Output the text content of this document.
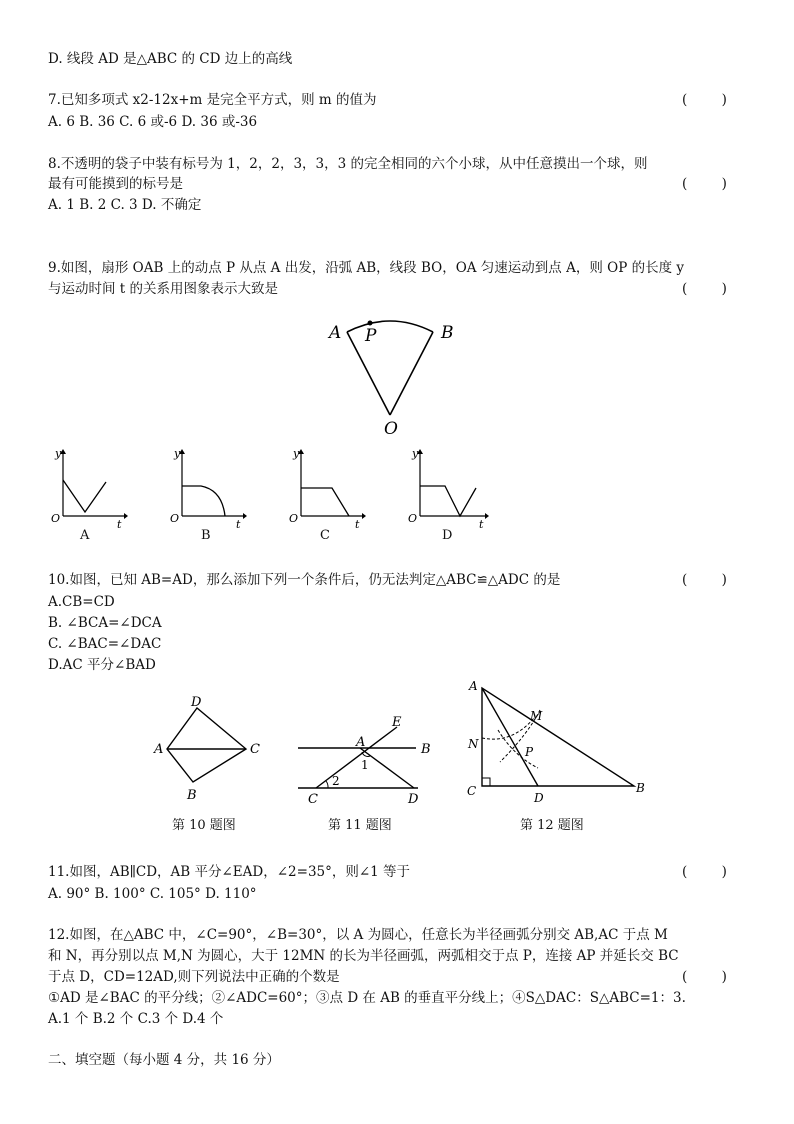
D. 线段 AD 是△ABC 的 CD 边上的高线
7.已知多项式 x2-12x+m 是完全平方式，则 m 的值为	(        )
A. 6 B. 36 C. 6 或-6 D. 36 或-36
8.不透明的袋子中装有标号为 1，2，2，3，3，3 的完全相同的六个小球，从中任意摸出一个球，则
最有可能摸到的标号是	(        )
A. 1 B. 2 C. 3 D. 不确定
9.如图，扇形 OAB 上的动点 P 从点 A 出发，沿弧 AB，线段 BO，OA 匀速运动到点 A，则 OP 的长度 y
与运动时间 t 的关系用图象表示大致是	(        )
A P	B
O
y
t
O
y
t
O
y
t
O
y
t
O
A	B	C	D
10.如图，已知 AB=AD，那么添加下列一个条件后，仍无法判定△ABC≌△ADC 的是	(        )
A.CB=CD
B. ∠BCA=∠DCA
C. ∠BAC=∠DAC
D.AC 平分∠BAD
D
A	C
B
第 10 题图
E
A	B
1
2
C	D
第 11 题图
A
M
N
P
C	D
B
第 12 题图
11.如图，AB∥CD，AB 平分∠EAD，∠2=35°，则∠1 等于	(        )
A. 90° B. 100° C. 105° D. 110°
12.如图，在△ABC 中，∠C=90°，∠B=30°，以 A 为圆心，任意长为半径画弧分别交 AB,AC 于点 M
和 N，再分别以点 M,N 为圆心，大于 12MN 的长为半径画弧，两弧相交于点 P，连接 AP 并延长交 BC
于点 D，CD=12AD,则下列说法中正确的个数是	(        )
①AD 是∠BAC 的平分线；②∠ADC=60°；③点 D 在 AB 的垂直平分线上；④S△DAC：S△ABC=1：3.
A.1 个 B.2 个 C.3 个 D.4 个
二、填空题（每小题 4 分，共 16 分）
